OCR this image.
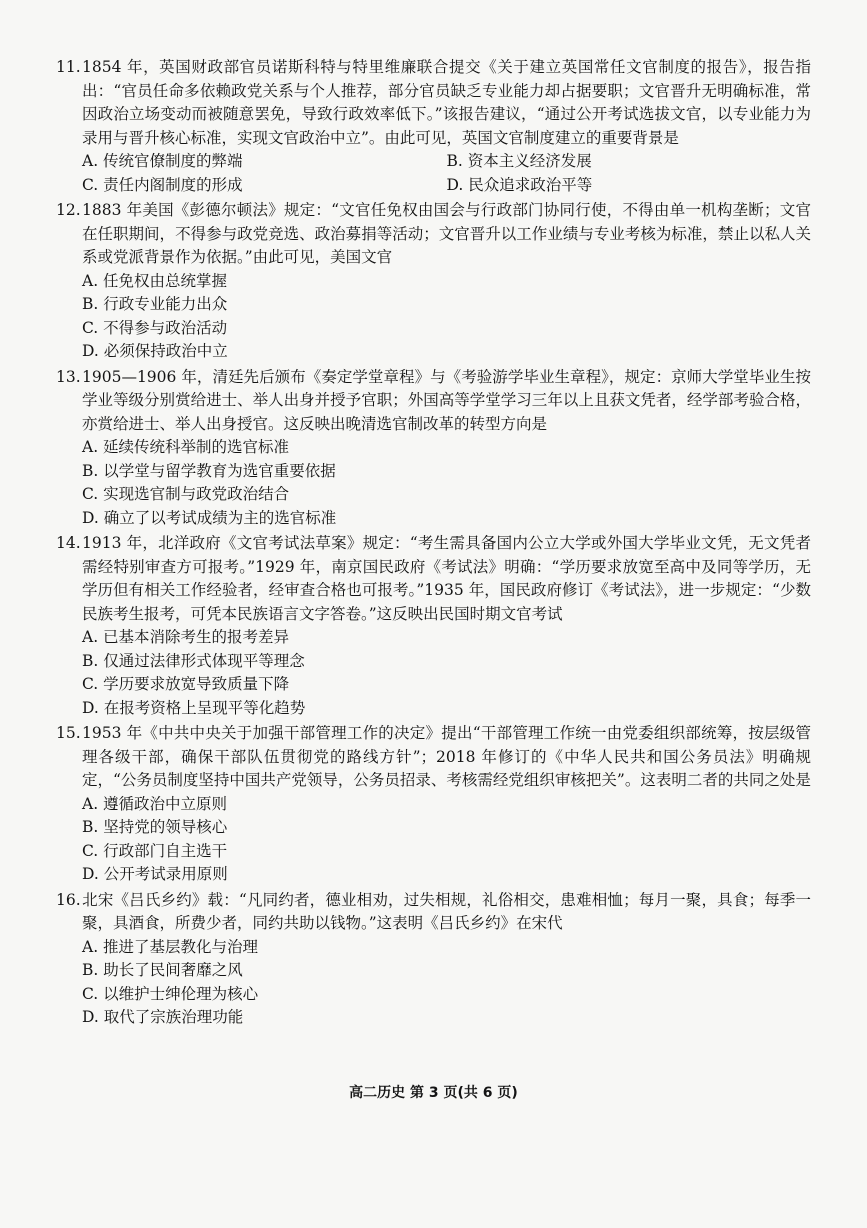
11.1854 年，英国财政部官员诺斯科特与特里维廉联合提交《关于建立英国常任文官制度的报告》，报告指出：“官员任命多依赖政党关系与个人推荐，部分官员缺乏专业能力却占据要职；文官晋升无明确标准，常因政治立场变动而被随意罢免，导致行政效率低下。”该报告建议，“通过公开考试选拔文官，以专业能力为录用与晋升核心标准，实现文官政治中立”。由此可见，英国文官制度建立的重要背景是
A. 传统官僚制度的弊端	B. 资本主义经济发展
C. 责任内阁制度的形成	D. 民众追求政治平等
12.1883 年美国《彭德尔顿法》规定：“文官任免权由国会与行政部门协同行使，不得由单一机构垄断；文官在任职期间，不得参与政党竞选、政治募捐等活动；文官晋升以工作业绩与专业考核为标准，禁止以私人关系或党派背景作为依据。”由此可见，美国文官
A. 任免权由总统掌握
B. 行政专业能力出众
C. 不得参与政治活动
D. 必须保持政治中立
13.1905—1906 年，清廷先后颁布《奏定学堂章程》与《考验游学毕业生章程》，规定：京师大学堂毕业生按学业等级分别赏给进士、举人出身并授予官职；外国高等学堂学习三年以上且获文凭者，经学部考验合格，亦赏给进士、举人出身授官。这反映出晚清选官制改革的转型方向是
A. 延续传统科举制的选官标准
B. 以学堂与留学教育为选官重要依据
C. 实现选官制与政党政治结合
D. 确立了以考试成绩为主的选官标准
14.1913 年，北洋政府《文官考试法草案》规定：“考生需具备国内公立大学或外国大学毕业文凭，无文凭者需经特别审查方可报考。”1929 年，南京国民政府《考试法》明确：“学历要求放宽至高中及同等学历，无学历但有相关工作经验者，经审查合格也可报考。”1935 年，国民政府修订《考试法》，进一步规定：“少数民族考生报考，可凭本民族语言文字答卷。”这反映出民国时期文官考试
A. 已基本消除考生的报考差异
B. 仅通过法律形式体现平等理念
C. 学历要求放宽导致质量下降
D. 在报考资格上呈现平等化趋势
15.1953 年《中共中央关于加强干部管理工作的决定》提出“干部管理工作统一由党委组织部统筹，按层级管理各级干部，确保干部队伍贯彻党的路线方针”；2018 年修订的《中华人民共和国公务员法》明确规定，“公务员制度坚持中国共产党领导，公务员招录、考核需经党组织审核把关”。这表明二者的共同之处是
A. 遵循政治中立原则
B. 坚持党的领导核心
C. 行政部门自主选干
D. 公开考试录用原则
16.北宋《吕氏乡约》载：“凡同约者，德业相劝，过失相规，礼俗相交，患难相恤；每月一聚，具食；每季一聚，具酒食，所费少者，同约共助以钱物。”这表明《吕氏乡约》在宋代
A. 推进了基层教化与治理
B. 助长了民间奢靡之风
C. 以维护士绅伦理为核心
D. 取代了宗族治理功能
高二历史 第 3 页(共 6 页)
